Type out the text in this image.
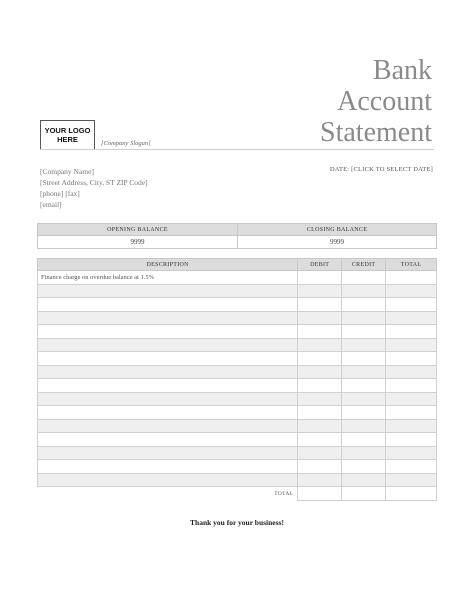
Bank
Account
Statement
YOUR LOGO
HERE	[Company Slogan]
[Company Name]
[Street Address, City, ST ZIP Code]
[phone] [fax]
[email]
DATE: [CLICK TO SELECT DATE]
OPENING BALANCE	CLOSING BALANCE
9999	9999
DESCRIPTION	DEBIT	CREDIT	TOTAL
Finance charge on overdue balance at 1.5%			

TOTAL			
Thank you for your business!
